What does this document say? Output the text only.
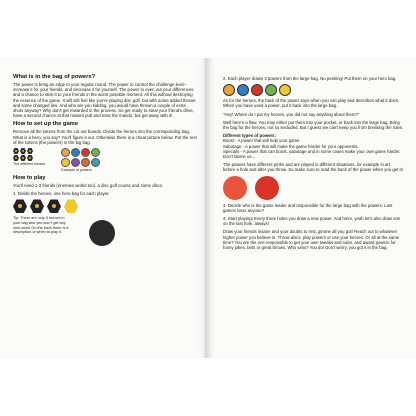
What is in the bag of powers?

The power is bring an edge to your regular round. The power to control the challenge level - increase it for your friends, and decrease it for yourself. The power to even out your differences and a chance to stick it to your friends in the worst possible moment. All this without destroying the essence of the game. It will still feel like you're playing disc golf, but with some added throws and some changed lies. And who are you kidding, you would have thrown a couple of extra shots anyway? Why don't get rewarded in the process. So get ready to steal your friend's drive, have a second chance at that missed putt and miss the mando, but get away with it!

How to set up the game

Remove all the tokens from the cut out boards. Divide the heroes into the corresponding bag. What is a hero, you say? You'll figure it out. Otherwise there is a cheat picture below. Put the rest of the tokens (the powers) in the big bag.

The different heroes
Example of powers
How to play

You'll need 1-3 friends (enemies works too), a disc golf course and some discs.

1. Divide the heroes, one hero bag for each player.

Tip: There are only 3 heroes in your bag and you won't get any new ones! On the back there is a description of when to play it.

2. Each player draws 3 powers from the large bag. No peeking! Put them on your hero bag.

As for the heroes, the back of the power says when you can play and describes what it does. When you have used a power, put it back into the large bag.

"Hey! Where do I put my heroes, you did not say anything about them?"

Well here's a flaw. You may either put them into your pocket, or back into the large bag. Bring the bag for the heroes, not so secluded. But I guess we can't keep you from breaking the rules.

Different types of powers:
Boost - A power that will help your game.
Sabotage - A power that will make the game harder for your opponents.
Specials - A power that can boost, sabotage and in some cases make your own game harder. Don't blame us...

The powers have different perks and are played in different situations, for example in art, before a hole and after you throw. So make sure to read the back of the power when you get it!

3. Decide who is the game leader and responsible for the large bag with the powers. Last games loser anyone?

4. Start playing! Every three holes you draw a new power. And hmm, yeah let's also draw one on the last hole, always!

Draw your friends insane and your doubts to rest, gimme all you got! Reach out to whatever higher power you believe in. Throw discs, play powers or use your heroes. Or all at the same time? You are the one responsible to get your own tweaks and rules, and award powers for funny jokes, bets or great throws. Who wins? You do! Don't worry, you got it in the bag.
